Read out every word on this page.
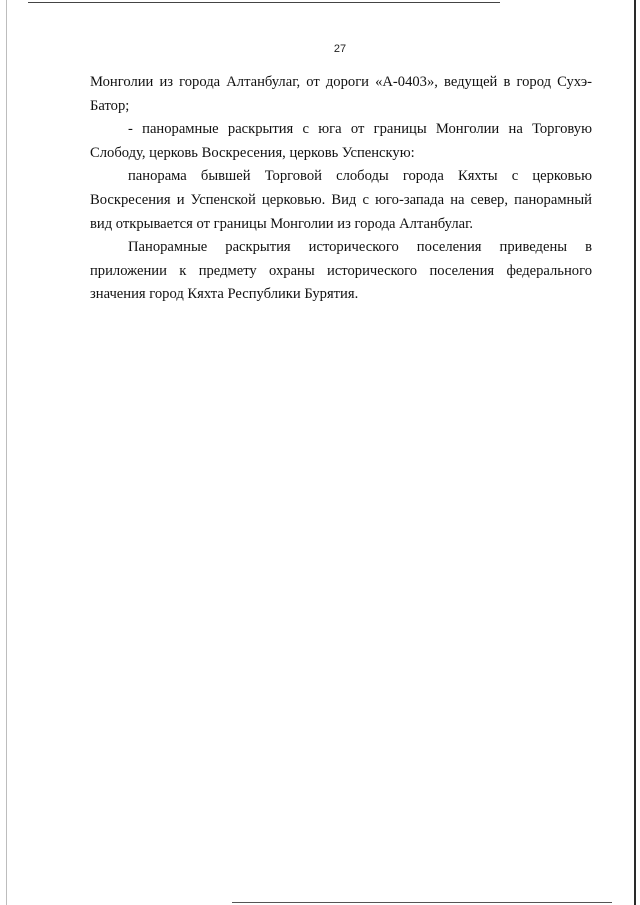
27

Монголии из города Алтанбулаг, от дороги «А-0403», ведущей в город Сухэ-Батор;

- панорамные раскрытия с юга от границы Монголии на Торговую Слободу, церковь Воскресения, церковь Успенскую:

панорама бывшей Торговой слободы города Кяхты с церковью Воскресения и Успенской церковью. Вид с юго-запада на север, панорамный вид открывается от границы Монголии из города Алтанбулаг.

Панорамные раскрытия исторического поселения приведены в приложении к предмету охраны исторического поселения федерального значения город Кяхта Республики Бурятия.
